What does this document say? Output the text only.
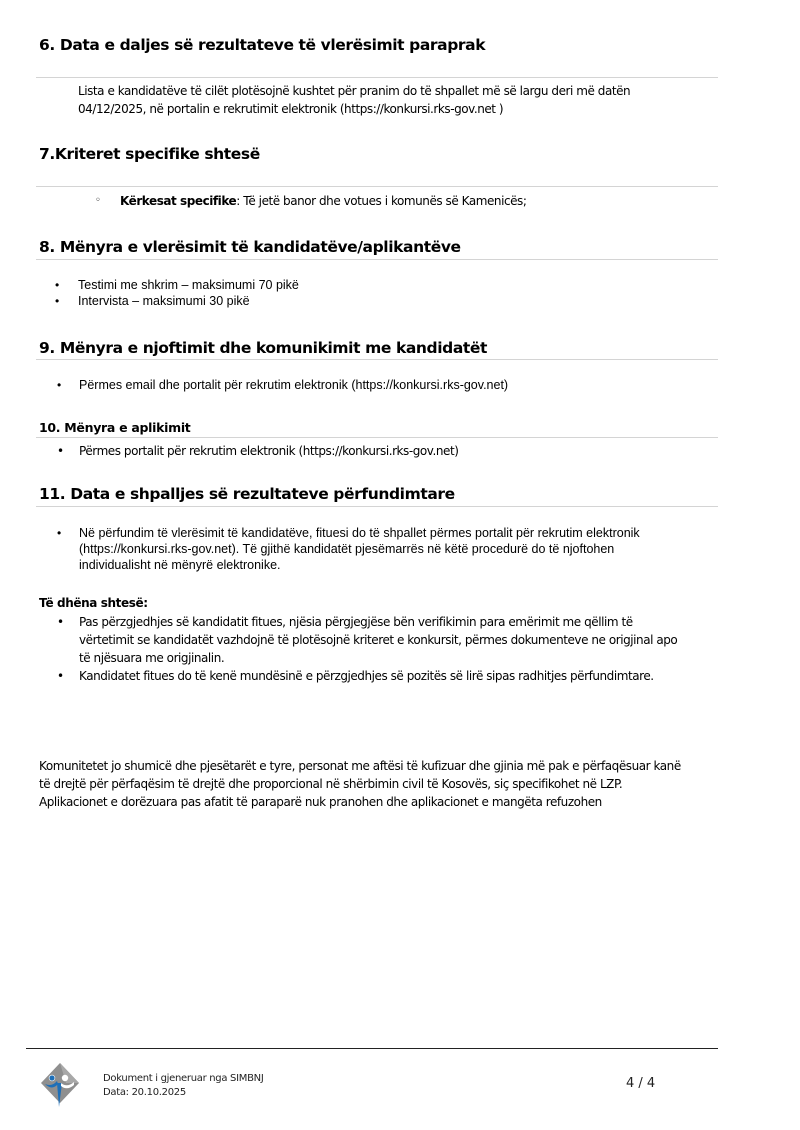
6. Data e daljes së rezultateve të vlerësimit paraprak
Lista e kandidatëve të cilët plotësojnë kushtet për pranim do të shpallet më së largu deri më datën
04/12/2025, në portalin e rekrutimit elektronik (https://konkursi.rks-gov.net )
7.Kriteret specifike shtesë
◦ Kërkesat specifike: Të jetë banor dhe votues i komunës së Kamenicës;
8. Mënyra e vlerësimit të kandidatëve/aplikantëve
• Testimi me shkrim – maksimumi 70 pikë
• Intervista – maksimumi 30 pikë
9. Mënyra e njoftimit dhe komunikimit me kandidatët
• Përmes email dhe portalit për rekrutim elektronik (https://konkursi.rks-gov.net)
10. Mënyra e aplikimit
• Përmes portalit për rekrutim elektronik (https://konkursi.rks-gov.net)
11. Data e shpalljes së rezultateve përfundimtare
• Në përfundim të vlerësimit të kandidatëve, fituesi do të shpallet përmes portalit për rekrutim elektronik
(https://konkursi.rks-gov.net). Të gjithë kandidatët pjesëmarrës në këtë procedurë do të njoftohen
individualisht në mënyrë elektronike.
Të dhëna shtesë:
• Pas përzgjedhjes së kandidatit fitues, njësia përgjegjëse bën verifikimin para emërimit me qëllim të
vërtetimit se kandidatët vazhdojnë të plotësojnë kriteret e konkursit, përmes dokumenteve ne origjinal apo
të njësuara me origjinalin.
• Kandidatet fitues do të kenë mundësinë e përzgjedhjes së pozitës së lirë sipas radhitjes përfundimtare.
Komunitetet jo shumicë dhe pjesëtarët e tyre, personat me aftësi të kufizuar dhe gjinia më pak e përfaqësuar kanë
të drejtë për përfaqësim të drejtë dhe proporcional në shërbimin civil të Kosovës, siç specifikohet në LZP.
Aplikacionet e dorëzuara pas afatit të paraparë nuk pranohen dhe aplikacionet e mangëta refuzohen
Dokument i gjeneruar nga SIMBNJ
Data: 20.10.2025
4 / 4
